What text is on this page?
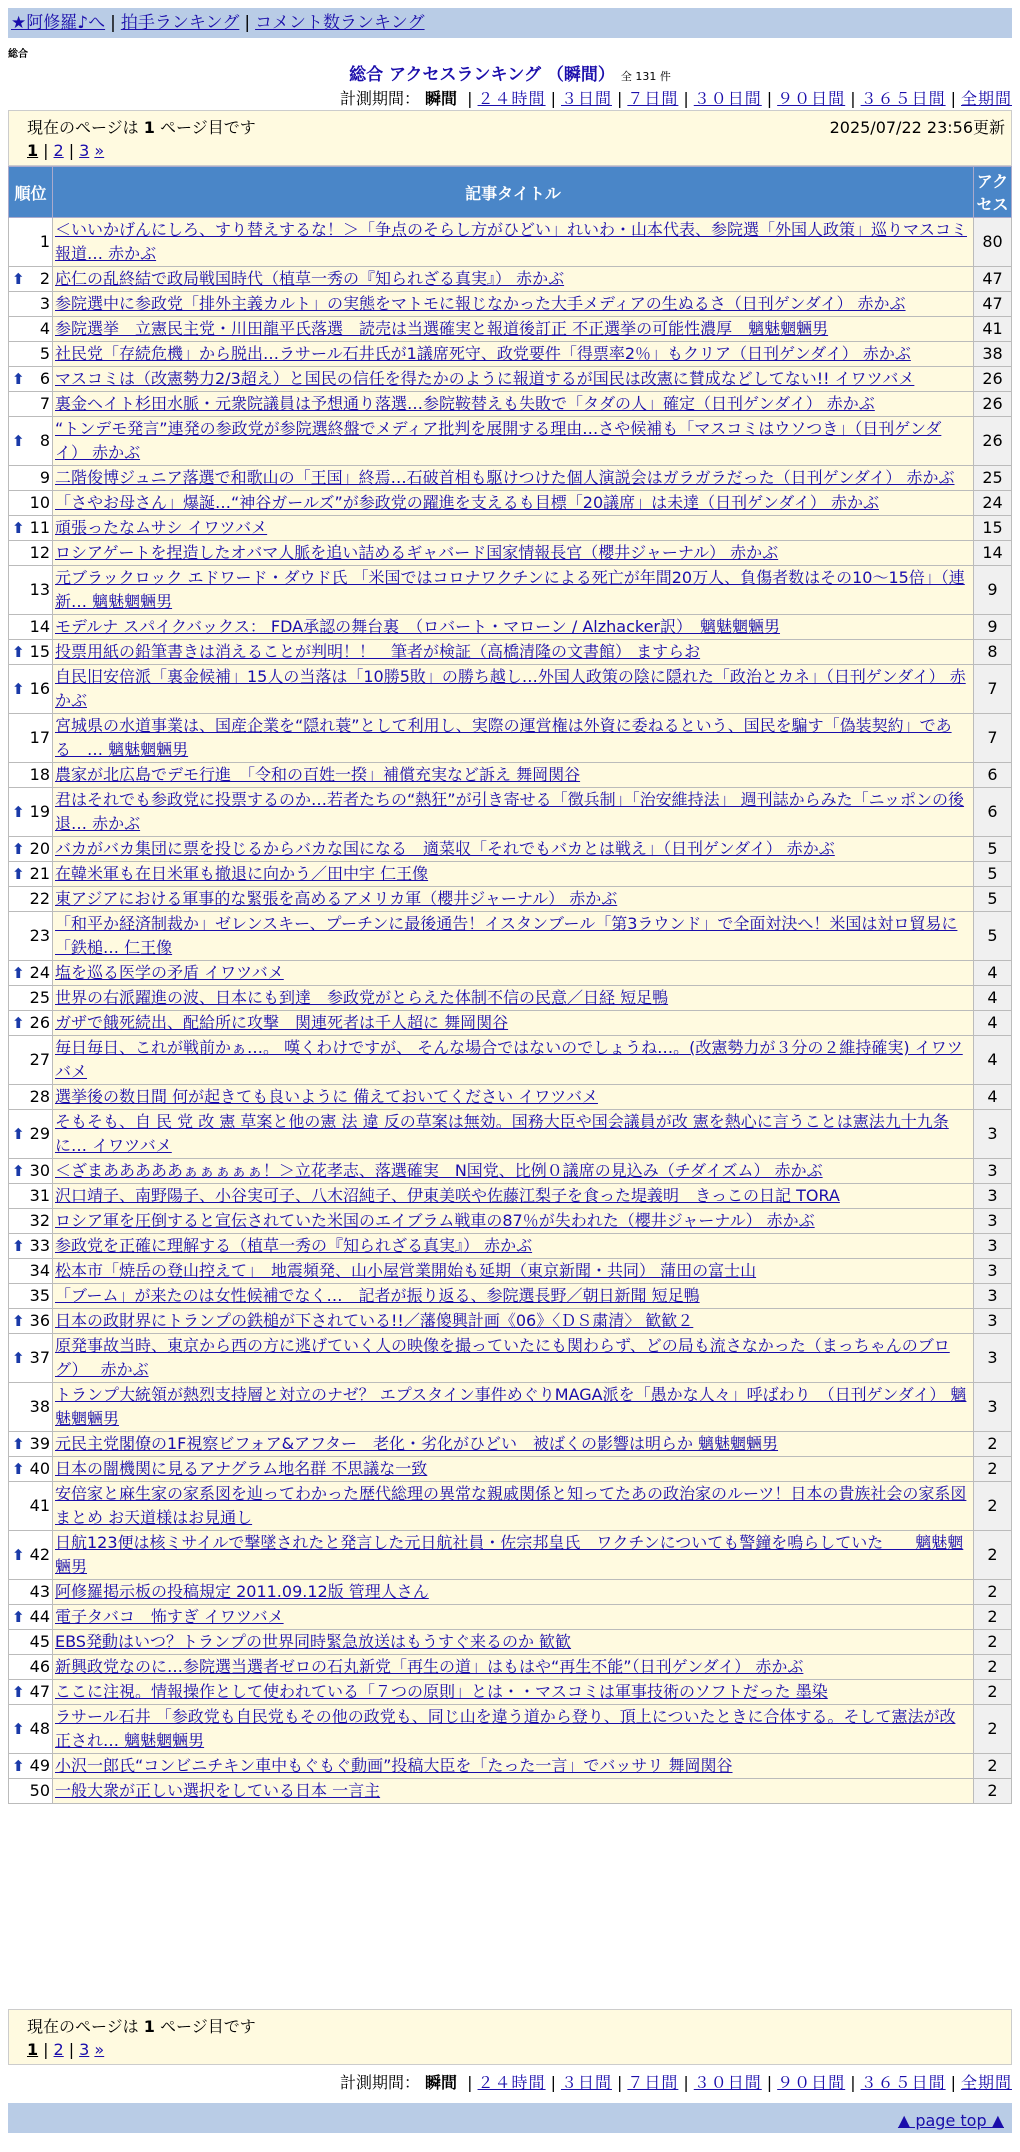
★阿修羅♪へ | 拍手ランキング | コメント数ランキング
総合
総合 アクセスランキング （瞬間） 全 131 件
計測期間： 瞬間 | ２４時間 | ３日間 | ７日間 | ３０日間 | ９０日間 | ３６５日間 | 全期間
現在のページは 1 ページ目です	2025/07/22 23:56更新
1 | 2 | 3 »
順位	記事タイトル	アクセス
1	＜いいかげんにしろ、すり替えするな！＞「争点のそらし方がひどい」れいわ・山本代表、参院選「外国人政策」巡りマスコミ報道… 赤かぶ	80

⬆ 2	応仁の乱終結で政局戦国時代（植草一秀の『知られざる真実』） 赤かぶ	47
3	参院選中に参政党「排外主義カルト」の実態をマトモに報じなかった大手メディアの生ぬるさ（日刊ゲンダイ） 赤かぶ	47
4	参院選挙　立憲民主党・川田龍平氏落選　読売は当選確実と報道後訂正 不正選挙の可能性濃厚　魑魅魍魎男	41
5	社民党「存続危機」から脱出…ラサール石井氏が1議席死守、政党要件「得票率2％」もクリア（日刊ゲンダイ） 赤かぶ	38

⬆ 6	マスコミは（改憲勢力2/3超え）と国民の信任を得たかのように報道するが国民は改憲に賛成などしてない!! イワツバメ	26
7	裏金ヘイト杉田水脈・元衆院議員は予想通り落選…参院鞍替えも失敗で「タダの人」確定（日刊ゲンダイ） 赤かぶ	26

⬆ 8	“トンデモ発言”連発の参政党が参院選終盤でメディア批判を展開する理由…さや候補も「マスコミはウソつき」（日刊ゲンダイ） 赤かぶ	26
9	二階俊博ジュニア落選で和歌山の「王国」終焉…石破首相も駆けつけた個人演説会はガラガラだった（日刊ゲンダイ） 赤かぶ	25
10	「さやお母さん」爆誕…“神谷ガールズ”が参政党の躍進を支えるも目標「20議席」は未達（日刊ゲンダイ） 赤かぶ	24

⬆ 11	頑張ったなムサシ イワツバメ	15
12	ロシアゲートを捏造したオバマ人脈を追い詰めるギャバード国家情報長官（櫻井ジャーナル） 赤かぶ	14
13	元ブラックロック エドワード・ダウド氏 「米国ではコロナワクチンによる死亡が年間20万人、負傷者数はその10～15倍」（連新… 魑魅魍魎男	9
14	モデルナ スパイクバックス： FDA承認の舞台裏　（ロバート・マローン / Alzhacker訳）　魑魅魍魎男	9

⬆ 15	投票用紙の鉛筆書きは消えることが判明！！　筆者が検証（高橋清隆の文書館） ますらお	8

⬆ 16	自民旧安倍派「裏金候補」15人の当落は「10勝5敗」の勝ち越し…外国人政策の陰に隠れた「政治とカネ」（日刊ゲンダイ） 赤かぶ	7
17	宮城県の水道事業は、国産企業を“隠れ蓑”として利用し、実際の運営権は外資に委ねるという、国民を騙す「偽装契約」である　… 魑魅魍魎男	7
18	農家が北広島でデモ行進　「令和の百姓一揆」補償充実など訴え 舞岡関谷	6

⬆ 19	君はそれでも参政党に投票するのか…若者たちの“熱狂”が引き寄せる「徴兵制」「治安維持法」 週刊誌からみた「ニッポンの後退… 赤かぶ	6

⬆ 20	バカがバカ集団に票を投じるからバカな国になる　適菜収「それでもバカとは戦え」（日刊ゲンダイ） 赤かぶ	5

⬆ 21	在韓米軍も在日米軍も撤退に向かう／田中宇 仁王像	5
22	東アジアにおける軍事的な緊張を高めるアメリカ軍（櫻井ジャーナル） 赤かぶ	5
23	「和平か経済制裁か」ゼレンスキー、プーチンに最後通告！イスタンブール「第3ラウンド」で全面対決へ！米国は対ロ貿易に「鉄槌… 仁王像	5

⬆ 24	塩を巡る医学の矛盾 イワツバメ	4
25	世界の右派躍進の波、日本にも到達　参政党がとらえた体制不信の民意／日経 短足鴨	4

⬆ 26	ガザで餓死続出、配給所に攻撃　関連死者は千人超に 舞岡関谷	4
27	毎日毎日、これが戦前かぁ…。 嘆くわけですが、 そんな場合ではないのでしょうね…。(改憲勢力が３分の２維持確実) イワツバメ	4
28	選挙後の数日間 何が起きても良いように 備えておいてください イワツバメ	4

⬆ 29	そもそも、自 民 党 改 憲 草案と他の憲 法 違 反の草案は無効。国務大臣や国会議員が改 憲を熱心に言うことは憲法九十九条に… イワツバメ	3

⬆ 30	＜ざまあああああぁぁぁぁぁ！＞立花孝志、落選確実　N国党、比例０議席の見込み（チダイズム） 赤かぶ	3
31	沢口靖子、南野陽子、小谷実可子、八木沼純子、伊東美咲や佐藤江梨子を食った堤義明　きっこの日記 TORA	3
32	ロシア軍を圧倒すると宣伝されていた米国のエイブラム戦車の87％が失われた（櫻井ジャーナル） 赤かぶ	3

⬆ 33	参政党を正確に理解する（植草一秀の『知られざる真実』） 赤かぶ	3
34	松本市「焼岳の登山控えて」　地震頻発、山小屋営業開始も延期（東京新聞・共同） 蒲田の富士山	3
35	「ブーム」が来たのは女性候補でなく…　記者が振り返る、参院選長野／朝日新聞 短足鴨	3

⬆ 36	日本の政財界にトランプの鉄槌が下されている!!／藩傻興計画《06》〈ＤＳ粛清〉 歓歓２	3

⬆ 37	原発事故当時、東京から西の方に逃げていく人の映像を撮っていたにも関わらず、どの局も流さなかった（まっちゃんのブログ）　 赤かぶ	3
38	トランプ大統領が熱烈支持層と対立のナゼ？ エプスタイン事件めぐりMAGA派を「愚かな人々」呼ばわり　（日刊ゲンダイ） 魑魅魍魎男	3

⬆ 39	元民主党閣僚の1F視察ビフォア&アフター　老化・劣化がひどい　被ばくの影響は明らか 魑魅魍魎男	2

⬆ 40	日本の闇機関に見るアナグラム地名群 不思議な一致	2
41	安倍家と麻生家の家系図を辿ってわかった歴代総理の異常な親戚関係と知ってたあの政治家のルーツ！日本の貴族社会の家系図まとめ お天道様はお見通し	2

⬆ 42	日航123便は核ミサイルで撃墜されたと発言した元日航社員・佐宗邦皇氏　ワクチンについても警鐘を鳴らしていた　　魑魅魍魎男	2
43	阿修羅掲示板の投稿規定 2011.09.12版 管理人さん	2

⬆ 44	電子タバコ　怖すぎ イワツバメ	2
45	EBS発動はいつ？トランプの世界同時緊急放送はもうすぐ来るのか 歓歓	2
46	新興政党なのに…参院選当選者ゼロの石丸新党「再生の道」はもはや“再生不能”（日刊ゲンダイ） 赤かぶ	2

⬆ 47	ここに注視。情報操作として使われている「７つの原則」とは・・マスコミは軍事技術のソフトだった 墨染	2

⬆ 48	ラサール石井 「参政党も自民党もその他の政党も、同じ山を違う道から登り、頂上についたときに合体する。そして憲法が改正され… 魑魅魍魎男	2

⬆ 49	小沢一郎氏“コンビニチキン車中もぐもぐ動画”投稿大臣を「たった一言」でバッサリ 舞岡関谷	2
50	一般大衆が正しい選択をしている日本 一言主	2
現在のページは 1 ページ目です
1 | 2 | 3 »
計測期間： 瞬間 | ２４時間 | ３日間 | ７日間 | ３０日間 | ９０日間 | ３６５日間 | 全期間
▲ page top ▲
